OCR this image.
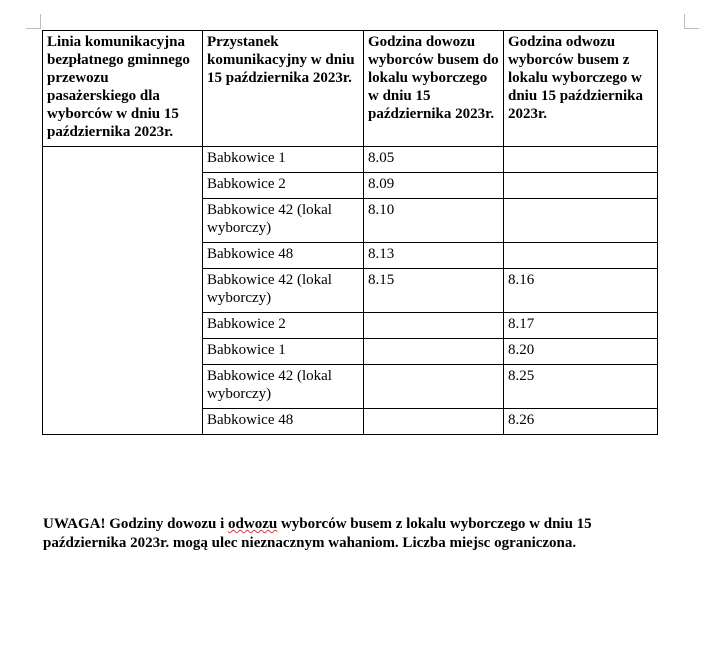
Linia komunikacyjna bezpłatnego gminnego przewozu pasażerskiego dla wyborców w dniu 15 października 2023r.	Przystanek komunikacyjny w dniu 15 października 2023r.	Godzina dowozu wyborców busem do lokalu wyborczego w dniu 15 października 2023r.	Godzina odwozu wyborców busem z lokalu wyborczego w dniu 15 października 2023r.
	Babkowice 1	8.05	
	Babkowice 2	8.09	
	Babkowice 42 (lokal wyborczy)	8.10	
	Babkowice 48	8.13	
	Babkowice 42 (lokal wyborczy)	8.15	8.16
	Babkowice 2		8.17
	Babkowice 1		8.20
	Babkowice 42 (lokal wyborczy)		8.25
	Babkowice 48		8.26

UWAGA! Godziny dowozu i odwozu wyborców busem z lokalu wyborczego w dniu 15 października 2023r. mogą ulec nieznacznym wahaniom. Liczba miejsc ograniczona.
